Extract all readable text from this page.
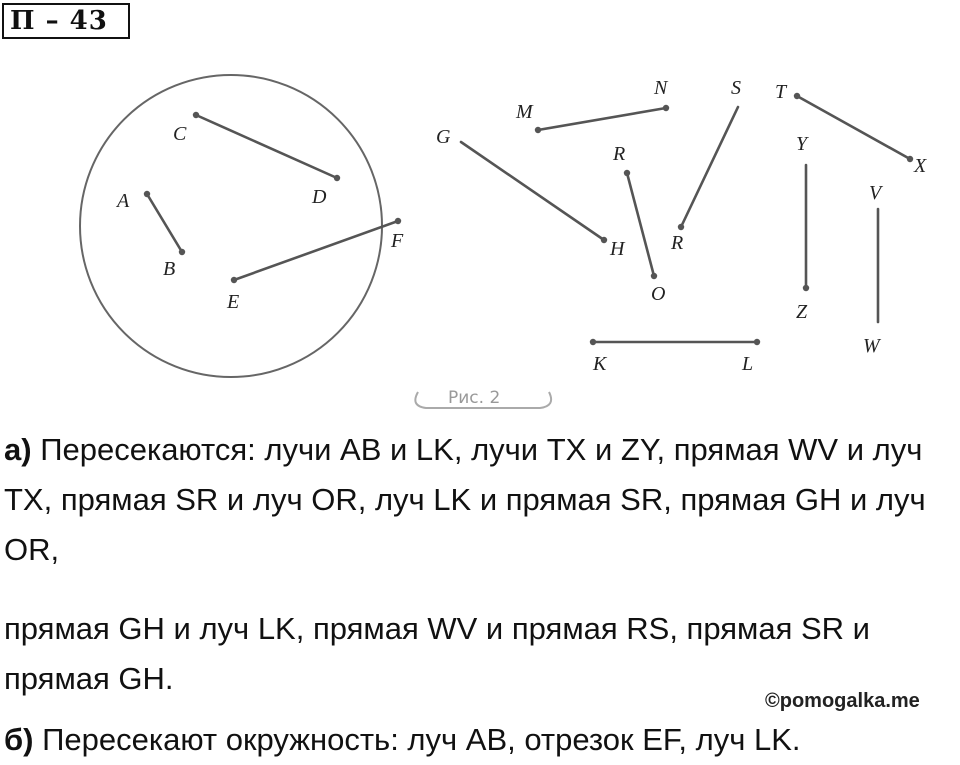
П – 43
C
D
A
B
E
F
G
H
M
N
R
O
S
R
T
X
Y
Z
V
W
K	L
Рис. 2
а) Пересекаются: лучи AB и LK, лучи TX и ZY, прямая WV и луч TX, прямая SR и луч OR, луч LK и прямая SR, прямая GH и луч OR,
прямая GH и луч LK, прямая WV и прямая RS, прямая SR и прямая GH.
©pomogalka.me
б) Пересекают окружность: луч AB, отрезок EF, луч LK.
